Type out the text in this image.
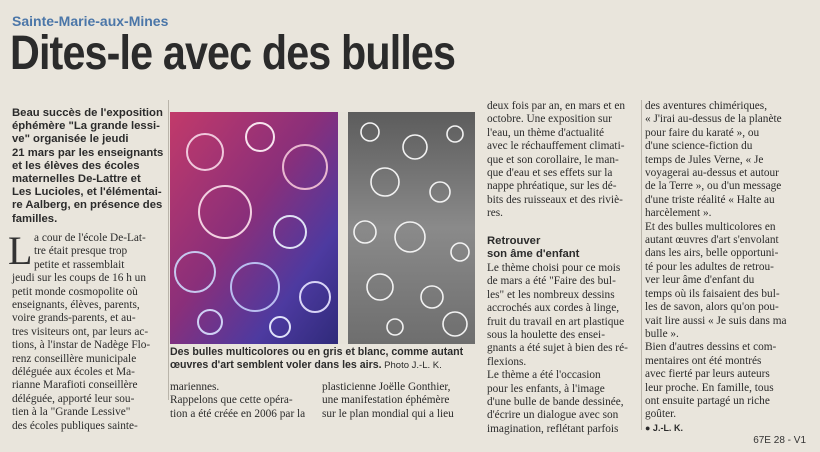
Sainte-Marie-aux-Mines
Dites-le avec des bulles
Beau succès de l'exposition
éphémère "La grande lessi-
ve" organisée le jeudi
21 mars par les enseignants
et les élèves des écoles
maternelles De-Lattre et
Les Lucioles, et l'élémentai-
re Aalberg, en présence des
familles.
L a cour de l'école De-Lat-
tre était presque trop
petite et rassemblait
jeudi sur les coups de 16 h un
petit monde cosmopolite où
enseignants, élèves, parents,
voire grands-parents, et au-
tres visiteurs ont, par leurs ac-
tions, à l'instar de Nadège Flo-
renz conseillère municipale
déléguée aux écoles et Ma-
rianne Marafioti conseillère
déléguée, apporté leur sou-
tien à la "Grande Lessive"
des écoles publiques sainte-
Des bulles multicolores ou en gris et blanc, comme autant
œuvres d'art semblent voler dans les airs. Photo J.-L. K.
mariennes.
Rappelons que cette opéra-
tion a été créée en 2006 par la
plasticienne Joëlle Gonthier,
une manifestation éphémère
sur le plan mondial qui a lieu
deux fois par an, en mars et en
octobre. Une exposition sur
l'eau, un thème d'actualité
avec le réchauffement climati-
que et son corollaire, le man-
que d'eau et ses effets sur la
nappe phréatique, sur les dé-
bits des ruisseaux et des riviè-
res.
Retrouver
son âme d'enfant
Le thème choisi pour ce mois
de mars a été "Faire des bul-
les" et les nombreux dessins
accrochés aux cordes à linge,
fruit du travail en art plastique
sous la houlette des ensei-
gnants a été sujet à bien des ré-
flexions.
Le thème a été l'occasion
pour les enfants, à l'image
d'une bulle de bande dessinée,
d'écrire un dialogue avec son
imagination, reflétant parfois
des aventures chimériques,
« J'irai au-dessus de la planète
pour faire du karaté », ou
d'une science-fiction du
temps de Jules Verne, « Je
voyagerai au-dessus et autour
de la Terre », ou d'un message
d'une triste réalité « Halte au
harcèlement ».
Et des bulles multicolores en
autant œuvres d'art s'envolant
dans les airs, belle opportuni-
té pour les adultes de retrou-
ver leur âme d'enfant du
temps où ils faisaient des bul-
les de savon, alors qu'on pou-
vait lire aussi « Je suis dans ma
bulle ».
Bien d'autres dessins et com-
mentaires ont été montrés
avec fierté par leurs auteurs
leur proche. En famille, tous
ont ensuite partagé un riche
goûter.
● J.-L. K.
67E 28 - V1
